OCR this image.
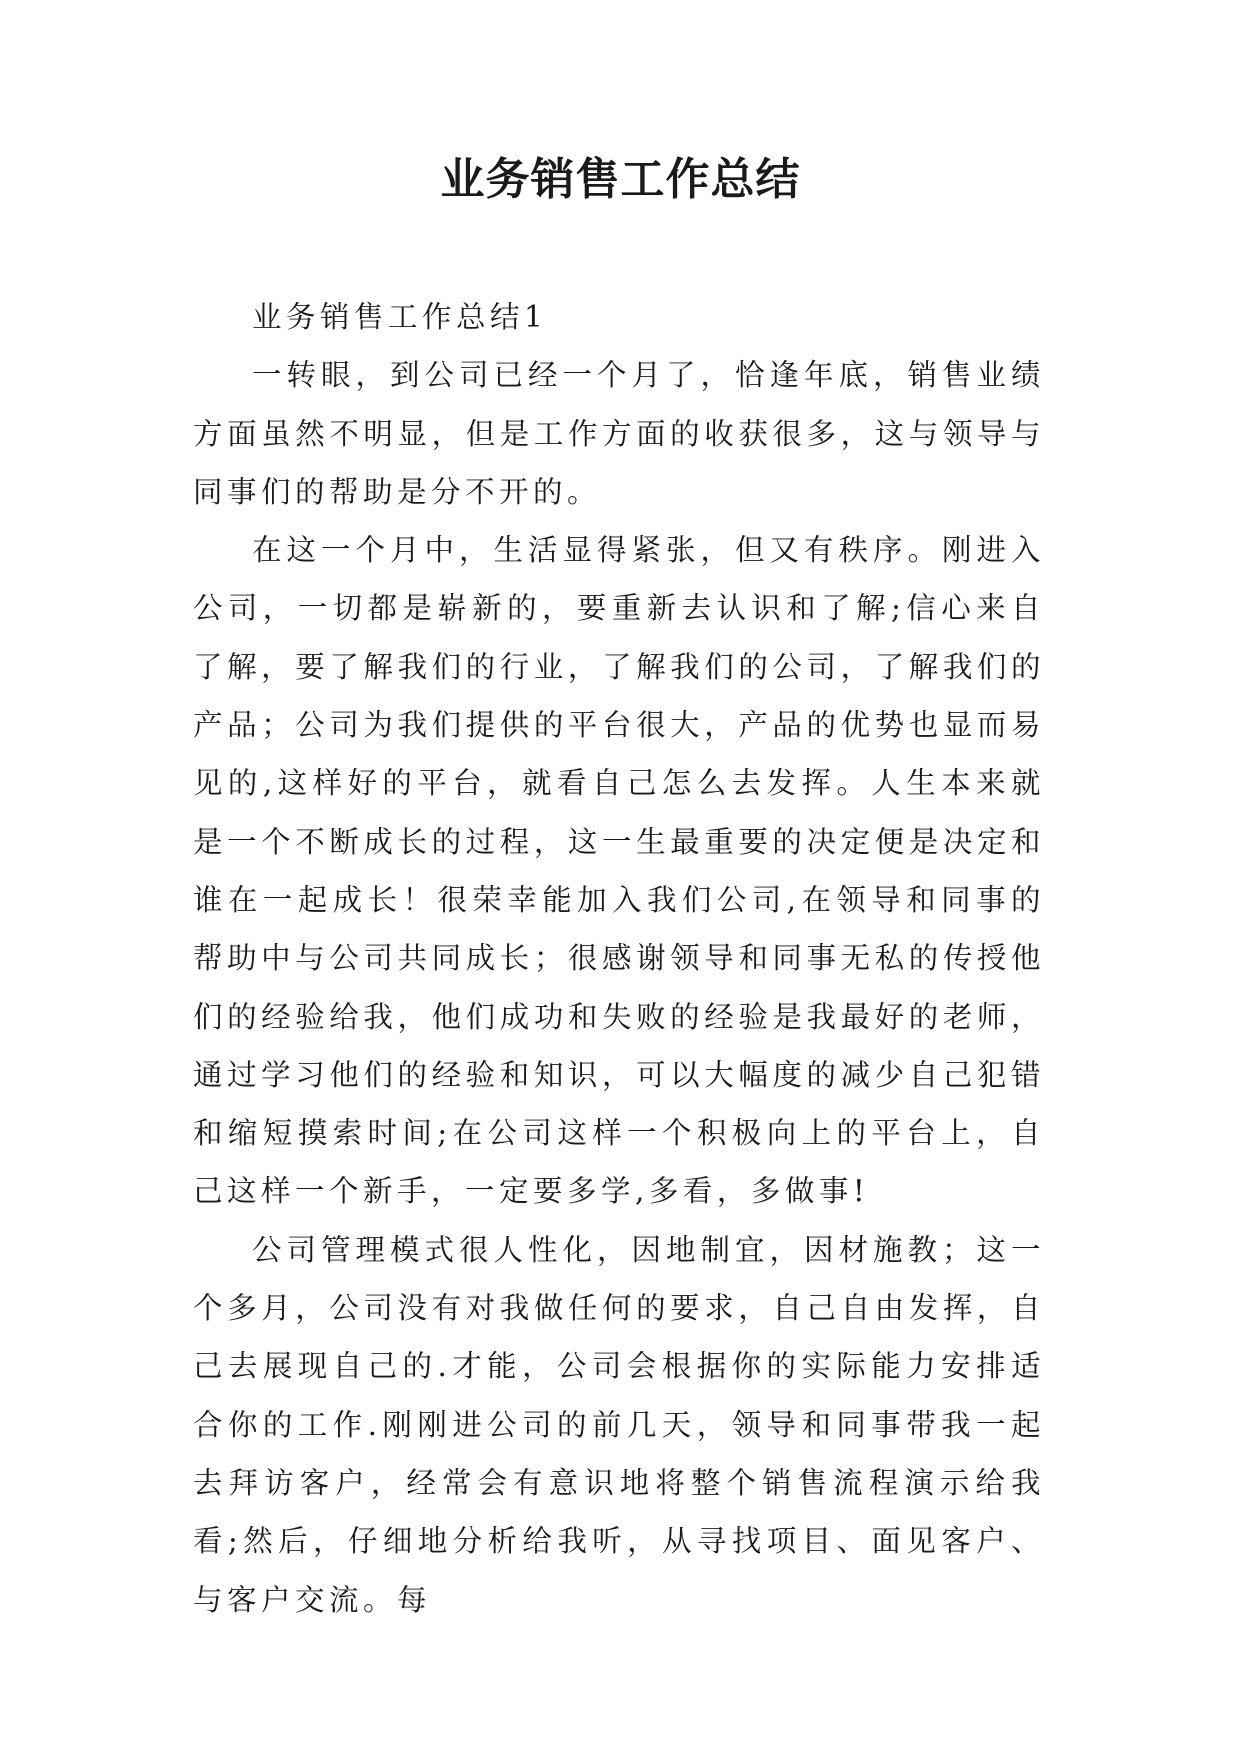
业务销售工作总结

业务销售工作总结1

一转眼，到公司已经一个月了，恰逢年底，销售业绩方面虽然不明显，但是工作方面的收获很多，这与领导与同事们的帮助是分不开的。

在这一个月中，生活显得紧张，但又有秩序。刚进入公司，一切都是崭新的，要重新去认识和了解;信心来自了解，要了解我们的行业，了解我们的公司，了解我们的产品；公司为我们提供的平台很大，产品的优势也显而易见的,这样好的平台，就看自己怎么去发挥。人生本来就是一个不断成长的过程，这一生最重要的决定便是决定和谁在一起成长！很荣幸能加入我们公司,在领导和同事的帮助中与公司共同成长；很感谢领导和同事无私的传授他们的经验给我，他们成功和失败的经验是我最好的老师，通过学习他们的经验和知识，可以大幅度的减少自己犯错和缩短摸索时间;在公司这样一个积极向上的平台上，自己这样一个新手，一定要多学,多看，多做事!

公司管理模式很人性化，因地制宜，因材施教；这一个多月，公司没有对我做任何的要求，自己自由发挥，自己去展现自己的.才能，公司会根据你的实际能力安排适合你的工作.刚刚进公司的前几天，领导和同事带我一起去拜访客户，经常会有意识地将整个销售流程演示给我看;然后，仔细地分析给我听，从寻找项目、面见客户、与客户交流。每
